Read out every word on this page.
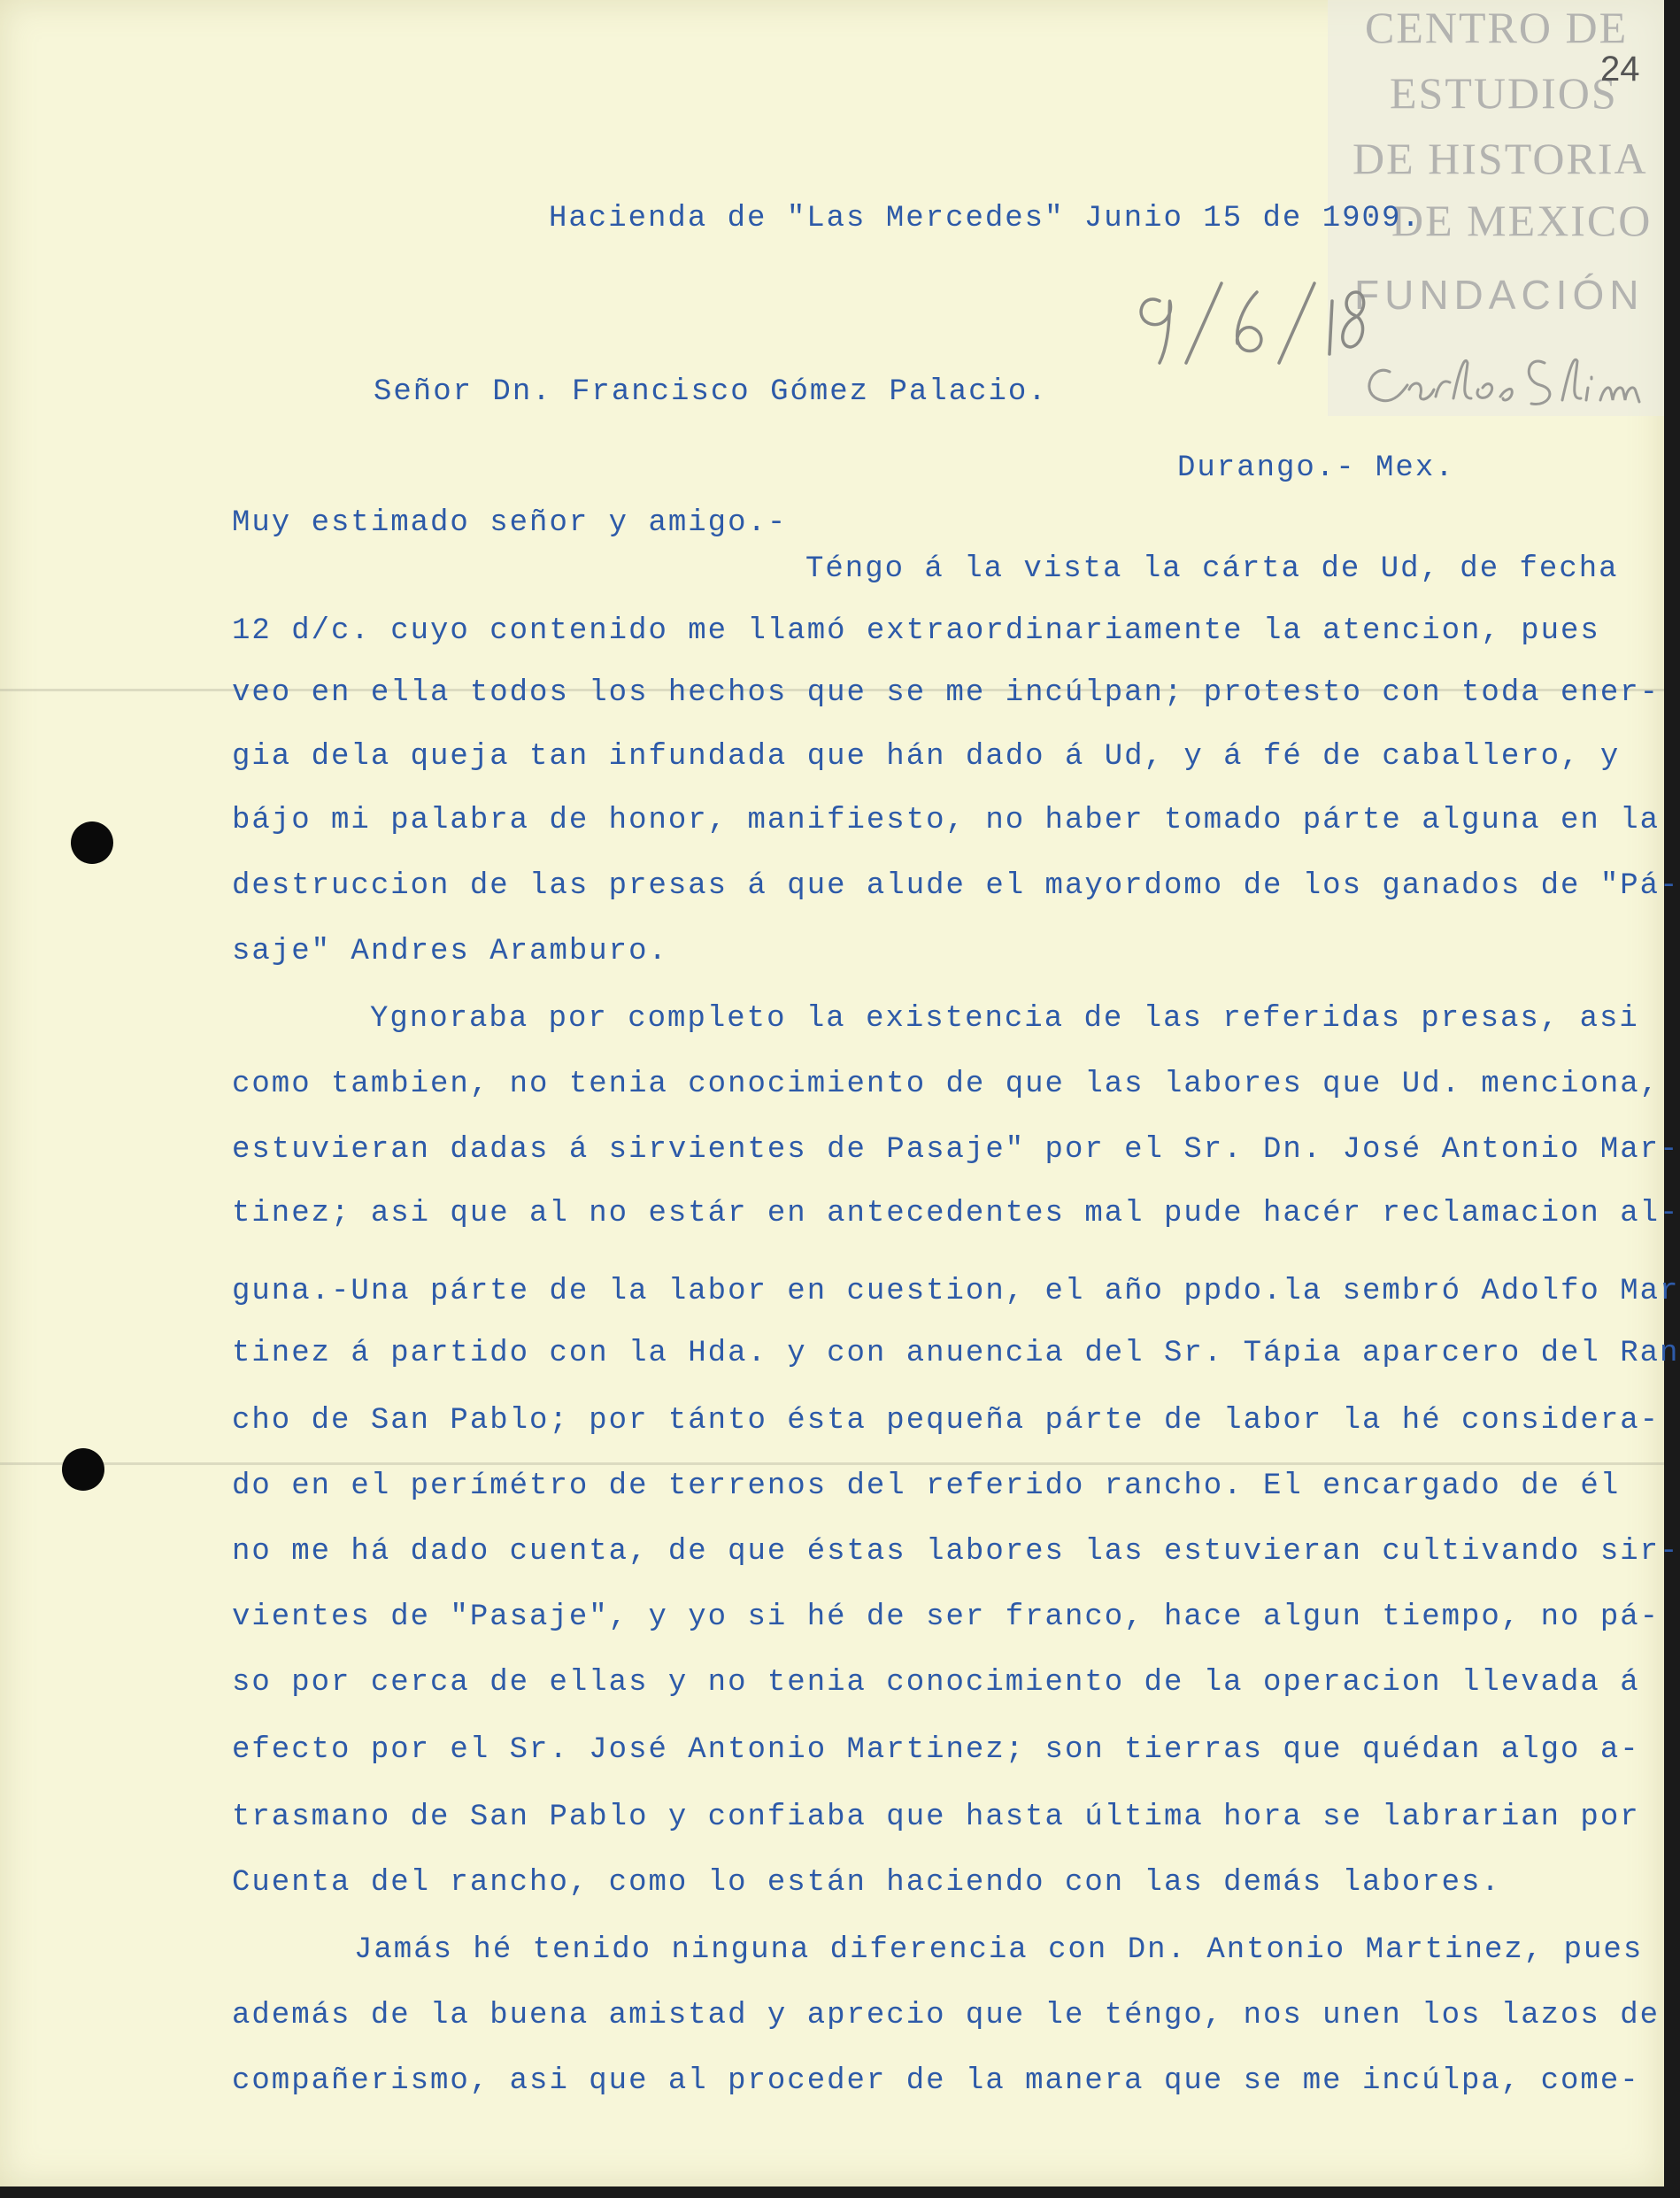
CENTRO DE
ESTUDIOS
DE HISTORIA
DE MEXICO
FUNDACIÓN
24
Hacienda de "Las Mercedes" Junio 15 de 1909.
Señor Dn. Francisco Gómez Palacio.
Durango.- Mex.
Muy estimado señor y amigo.-
Téngo á la vista la cárta de Ud, de fecha
12 d/c. cuyo contenido me llamó extraordinariamente la atencion, pues
veo en ella todos los hechos que se me incúlpan; protesto con toda ener-
gia dela queja tan infundada que hán dado á Ud, y á fé de caballero, y
bájo mi palabra de honor, manifiesto, no haber tomado párte alguna en la
destruccion de las presas á que alude el mayordomo de los ganados de "Pá-
saje" Andres Aramburo.
Ygnoraba por completo la existencia de las referidas presas, asi
como tambien, no tenia conocimiento de que las labores que Ud. menciona,
estuvieran dadas á sirvientes de Pasaje" por el Sr. Dn. José Antonio Mar-
tinez; asi que al no estár en antecedentes mal pude hacér reclamacion al-
guna.-Una párte de la labor en cuestion, el año ppdo.la sembró Adolfo Mar
tinez á partido con la Hda. y con anuencia del Sr. Tápia aparcero del Ran
cho de San Pablo; por tánto ésta pequeña párte de labor la hé considera-
do en el perímétro de terrenos del referido rancho. El encargado de él
no me há dado cuenta, de que éstas labores las estuvieran cultivando sir-
vientes de "Pasaje", y yo si hé de ser franco, hace algun tiempo, no pá-
so por cerca de ellas y no tenia conocimiento de la operacion llevada á
efecto por el Sr. José Antonio Martinez; son tierras que quédan algo a-
trasmano de San Pablo y confiaba que hasta última hora se labrarian por
Cuenta del rancho, como lo están haciendo con las demás labores.
Jamás hé tenido ninguna diferencia con Dn. Antonio Martinez, pues
además de la buena amistad y aprecio que le téngo, nos unen los lazos de
compañerismo, asi que al proceder de la manera que se me incúlpa, come-
